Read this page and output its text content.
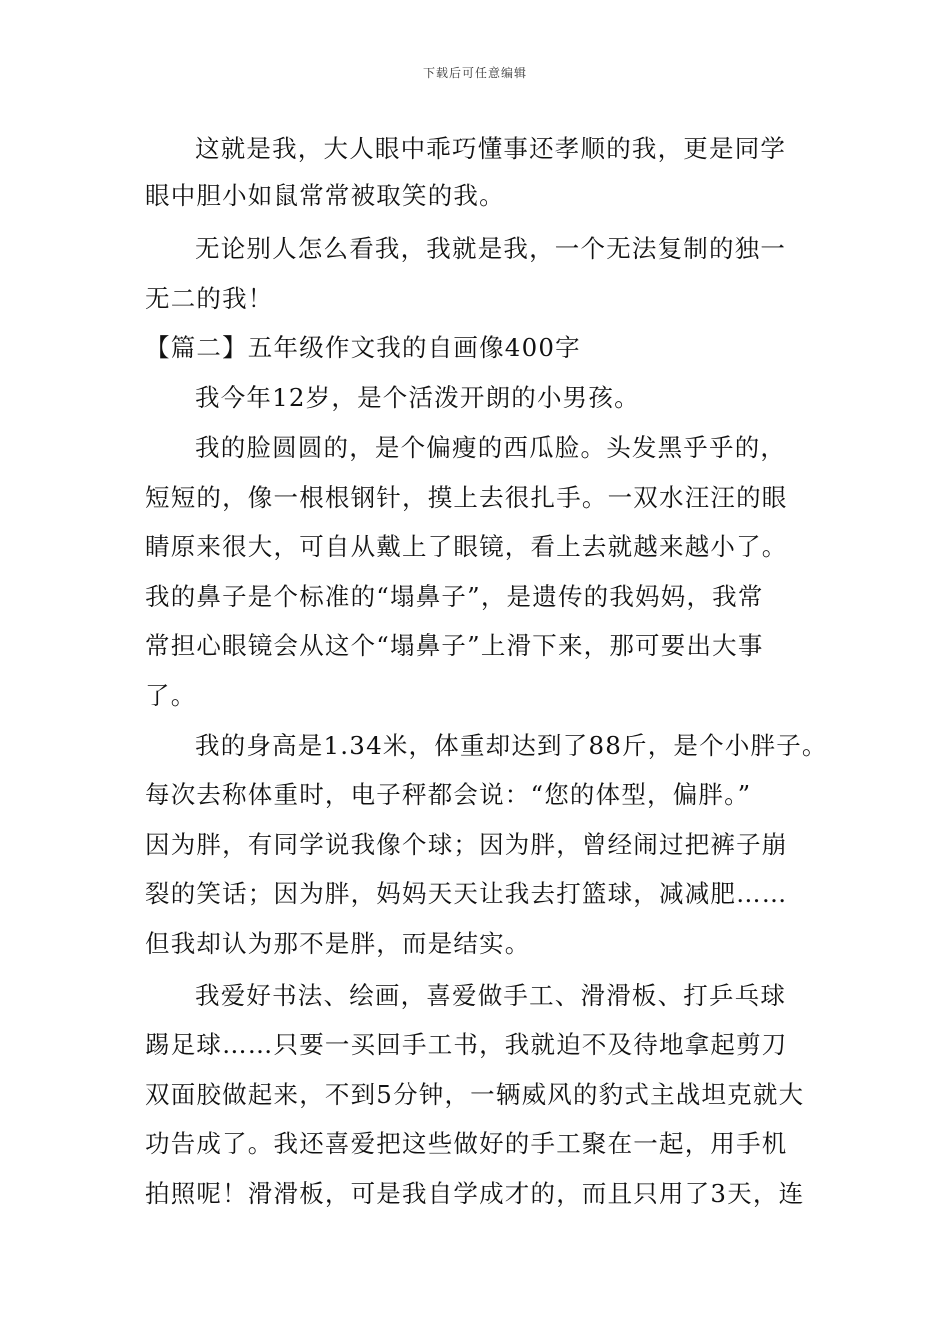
下载后可任意编辑
这就是我，大人眼中乖巧懂事还孝顺的我，更是同学
眼中胆小如鼠常常被取笑的我。
无论别人怎么看我，我就是我，一个无法复制的独一
无二的我！
【篇二】五年级作文我的自画像400字
我今年12岁，是个活泼开朗的小男孩。
我的脸圆圆的，是个偏瘦的西瓜脸。头发黑乎乎的，
短短的，像一根根钢针，摸上去很扎手。一双水汪汪的眼
睛原来很大，可自从戴上了眼镜，看上去就越来越小了。
我的鼻子是个标准的“塌鼻子”，是遗传的我妈妈，我常
常担心眼镜会从这个“塌鼻子”上滑下来，那可要出大事
了。
我的身高是1.34米，体重却达到了88斤，是个小胖子。
每次去称体重时，电子秤都会说：“您的体型，偏胖。”
因为胖，有同学说我像个球；因为胖，曾经闹过把裤子崩
裂的笑话；因为胖，妈妈天天让我去打篮球，减减肥……
但我却认为那不是胖，而是结实。
我爱好书法、绘画，喜爱做手工、滑滑板、打乒乓球
踢足球……只要一买回手工书，我就迫不及待地拿起剪刀
双面胶做起来，不到5分钟，一辆威风的豹式主战坦克就大
功告成了。我还喜爱把这些做好的手工聚在一起，用手机
拍照呢！滑滑板，可是我自学成才的，而且只用了3天，连
